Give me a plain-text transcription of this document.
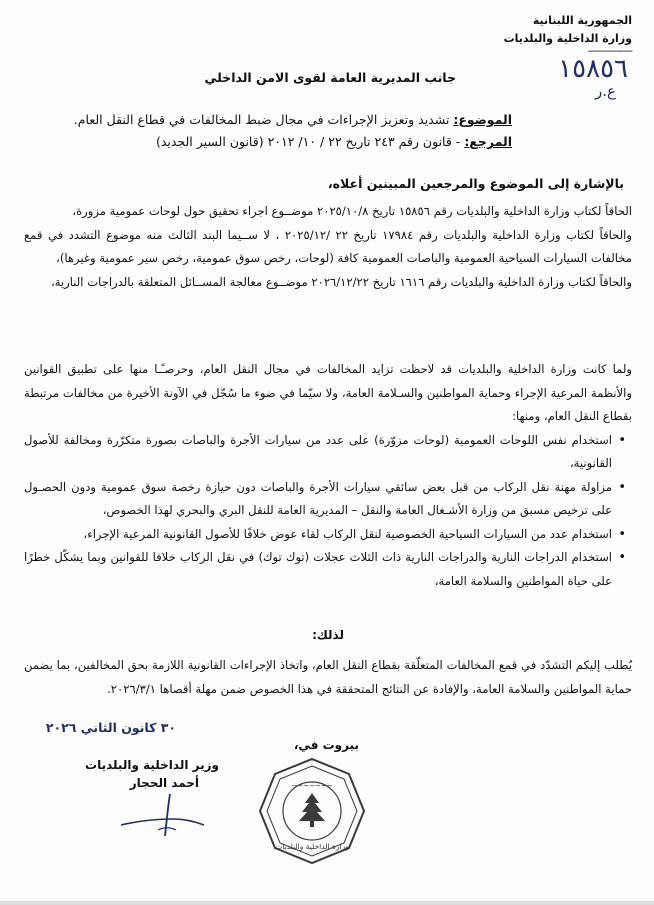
الجمهورية اللبنانية
وزارة الداخلية والبلديات
-----------------
١٥٨٥٦
ع.ر
جانب المديرية العامة لقوى الامن الداخلي
الموضوع: تشديد وتعزيز الإجراءات في مجال ضبط المخالفات في قطاع النقل العام.
المرجع: - قانون رقم ٢٤٣ تاريخ ٢٢ / ١٠/ ٢٠١٢ (قانون السير الجديد)
بالإشارة إلى الموضوع والمرجعين المبينين أعلاه،
الحاقاً لكتاب وزارة الداخلية والبلديات رقم ١٥٨٥٦ تاريخ ٢٠٢٥/١٠/٨ موضــوع اجراء تحقيق حول لوحات عمومية مزورة،
والحاقاً لكتاب وزارة الداخلية والبلديات رقم ١٧٩٨٤ تاريخ ٢٢ /٢٠٢٥/١٢ ، لا ســيما البند الثالث منه موضوع التشدد في قمع مخالفات السيارات السياحية العمومية والباصات العمومية كافة (لوحات، رخص سوق عمومية، رخص سير عمومية وغيرها)،
والحاقاً لكتاب وزارة الداخلية والبلديات رقم ١٦١٦ تاريخ ٢٠٢٦/١٢/٢٢ موضــوع معالجة المســائل المتعلقة بالدراجات النارية،
ولما كانت وزارة الداخلية والبلديات قد لاحظت تزايد المخالفات في مجال النقل العام، وحرصـًـا منها على تطبيق القوانين والأنظمة المرعية الإجراء وحماية المواطنين والسـلامة العامة، ولا سيّما في ضوء ما سُجّل في الآونة الأخيرة من مخالفات مرتبطة بقطاع النقل العام، ومنها:
• استخدام نفس اللوحات العمومية (لوحات مزوّرة) على عدد من سيارات الأجرة والباصات بصورة متكرّرة ومخالفة للأصول القانونية،
• مزاولة مهنة نقل الركاب من قبل بعض سائقي سيارات الأجرة والباصات دون حيازة رخصة سوق عمومية ودون الحصـول على ترخيص مسبق من وزارة الأشـغال العامة والنقل – المديرية العامة للنقل البري والبحري لهذا الخصوص،
• استخدام عدد من السيارات السياحية الخصوصية لنقل الركاب لقاء عوض خلافًا للأصول القانونية المرعية الإجراء،
• استخدام الدراجات النارية والدراجات النارية ذات الثلاث عجلات (توك توك) في نقل الركاب خلافا للقوانين وبما يشكّل خطرًا على حياة المواطنين والسلامة العامة،
لذلك:
يُطلب إليكم التشدّد في قمع المخالفات المتعلّقة بقطاع النقل العام، واتخاذ الإجراءات القانونية اللازمة بحق المخالفين، بما يضمن حماية المواطنين والسلامة العامة، والإفادة عن النتائج المتحققة في هذا الخصوص ضمن مهلة أقصاها ٢٠٢٦/٣/١.
٣٠ كانون الثاني ٢٠٢٦
بيروت في،
وزير الداخلية والبلديات
أحمد الحجار	~~~~~~~
وزارة الداخلية والبلديات
